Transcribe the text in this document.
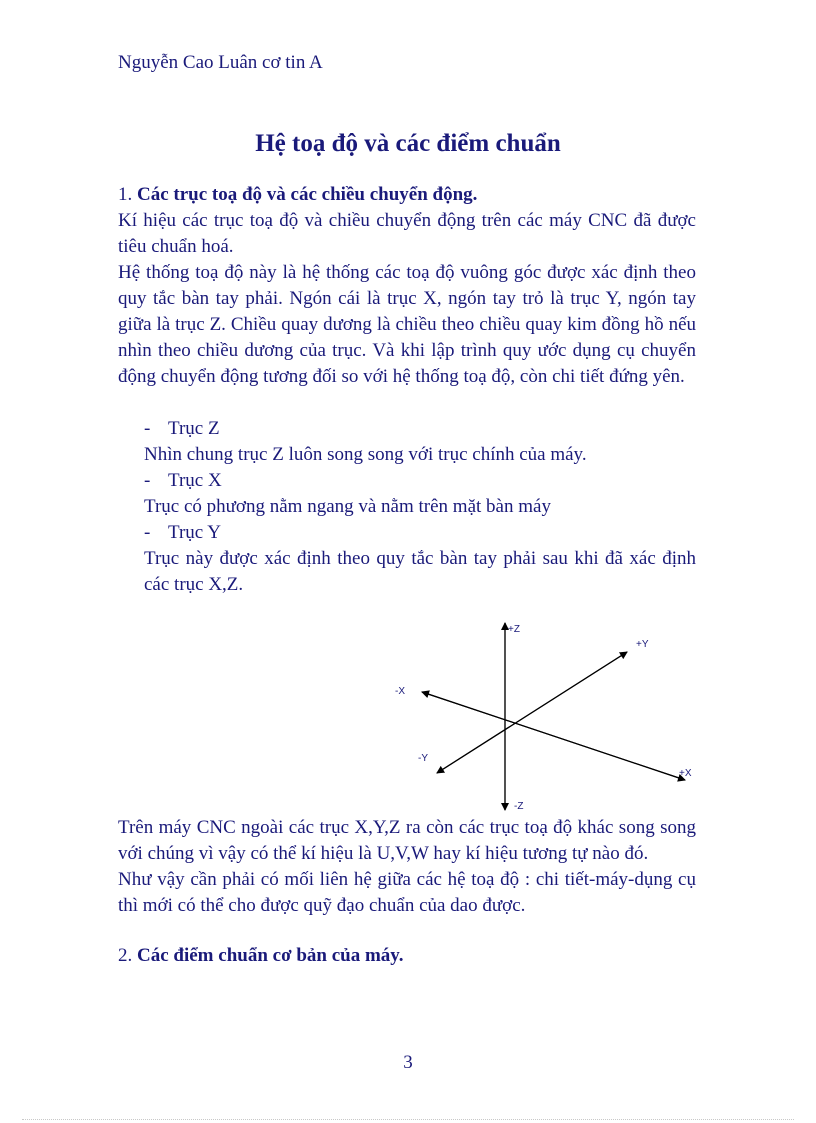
Nguyễn Cao Luân cơ tin A
Hệ toạ độ và các điểm chuẩn
1. Các trục toạ độ và các chiều chuyển động.
Kí hiệu các trục toạ độ và chiều chuyển động trên các máy CNC đã được tiêu chuẩn hoá.
Hệ thống toạ độ này là hệ thống các toạ độ vuông góc được xác định theo quy tắc bàn tay phải. Ngón cái là trục X, ngón tay trỏ là trục Y, ngón tay giữa là trục Z. Chiều quay dương là chiều theo chiều quay kim đồng hồ nếu nhìn theo chiều dương của trục. Và khi lập trình quy ước dụng cụ chuyển động chuyển động tương đối so với hệ thống toạ độ, còn chi tiết đứng yên.
- Trục Z
Nhìn chung trục Z luôn song song với trục chính của máy.
- Trục X
Trục có phương nằm ngang và nằm trên mặt bàn máy
- Trục Y
Trục này được xác định theo quy tắc bàn tay phải sau khi đã xác định các trục X,Z.
+Z
-Z
+X
-X
+Y
-Y
Trên máy CNC ngoài các trục X,Y,Z ra còn các trục toạ độ khác song song với chúng vì vậy có thể kí hiệu là U,V,W hay kí hiệu tương tự nào đó.
Như vậy cần phải có mối liên hệ giữa các hệ toạ độ : chi tiết-máy-dụng cụ thì mới có thể cho được quỹ đạo chuẩn của dao được.
2. Các điểm chuẩn cơ bản của máy.
3
